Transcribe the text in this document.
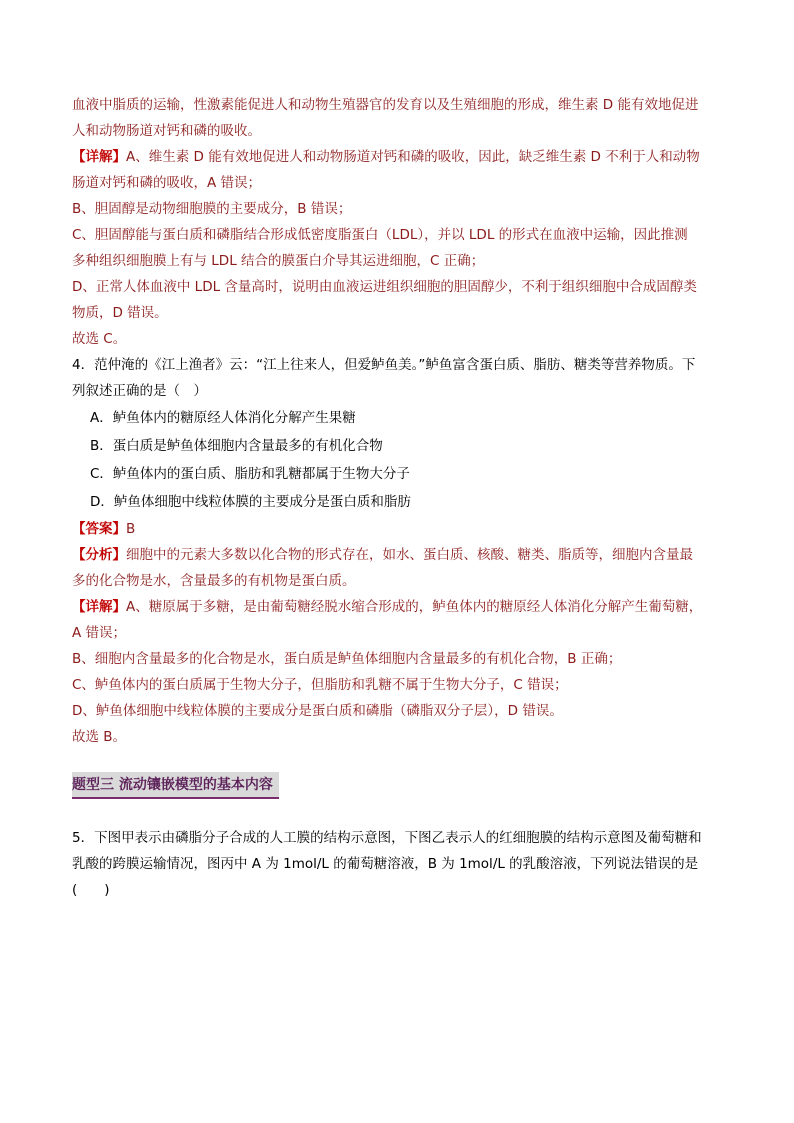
血液中脂质的运输，性激素能促进人和动物生殖器官的发育以及生殖细胞的形成，维生素 D 能有效地促进

人和动物肠道对钙和磷的吸收。

【详解】A、维生素 D 能有效地促进人和动物肠道对钙和磷的吸收，因此，缺乏维生素 D 不利于人和动物

肠道对钙和磷的吸收，A 错误；

B、胆固醇是动物细胞膜的主要成分，B 错误；

C、胆固醇能与蛋白质和磷脂结合形成低密度脂蛋白（LDL），并以 LDL 的形式在血液中运输，因此推测

多种组织细胞膜上有与 LDL 结合的膜蛋白介导其运进细胞，C 正确；

D、正常人体血液中 LDL 含量高时，说明由血液运进组织细胞的胆固醇少，不利于组织细胞中合成固醇类

物质，D 错误。

故选 C。

4．范仲淹的《江上渔者》云：“江上往来人，但爱鲈鱼美。”鲈鱼富含蛋白质、脂肪、糖类等营养物质。下

列叙述正确的是（　）

A．鲈鱼体内的糖原经人体消化分解产生果糖

B．蛋白质是鲈鱼体细胞内含量最多的有机化合物

C．鲈鱼体内的蛋白质、脂肪和乳糖都属于生物大分子

D．鲈鱼体细胞中线粒体膜的主要成分是蛋白质和脂肪

【答案】B

【分析】细胞中的元素大多数以化合物的形式存在，如水、蛋白质、核酸、糖类、脂质等，细胞内含量最

多的化合物是水，含量最多的有机物是蛋白质。

【详解】A、糖原属于多糖，是由葡萄糖经脱水缩合形成的，鲈鱼体内的糖原经人体消化分解产生葡萄糖，

A 错误；

B、细胞内含量最多的化合物是水，蛋白质是鲈鱼体细胞内含量最多的有机化合物，B 正确；

C、鲈鱼体内的蛋白质属于生物大分子，但脂肪和乳糖不属于生物大分子，C 错误；

D、鲈鱼体细胞中线粒体膜的主要成分是蛋白质和磷脂（磷脂双分子层），D 错误。

故选 B。

题型三 流动镶嵌模型的基本内容

5．下图甲表示由磷脂分子合成的人工膜的结构示意图，下图乙表示人的红细胞膜的结构示意图及葡萄糖和

乳酸的跨膜运输情况，图丙中 A 为 1mol/L 的葡萄糖溶液，B 为 1mol/L 的乳酸溶液，下列说法错误的是(　　)
